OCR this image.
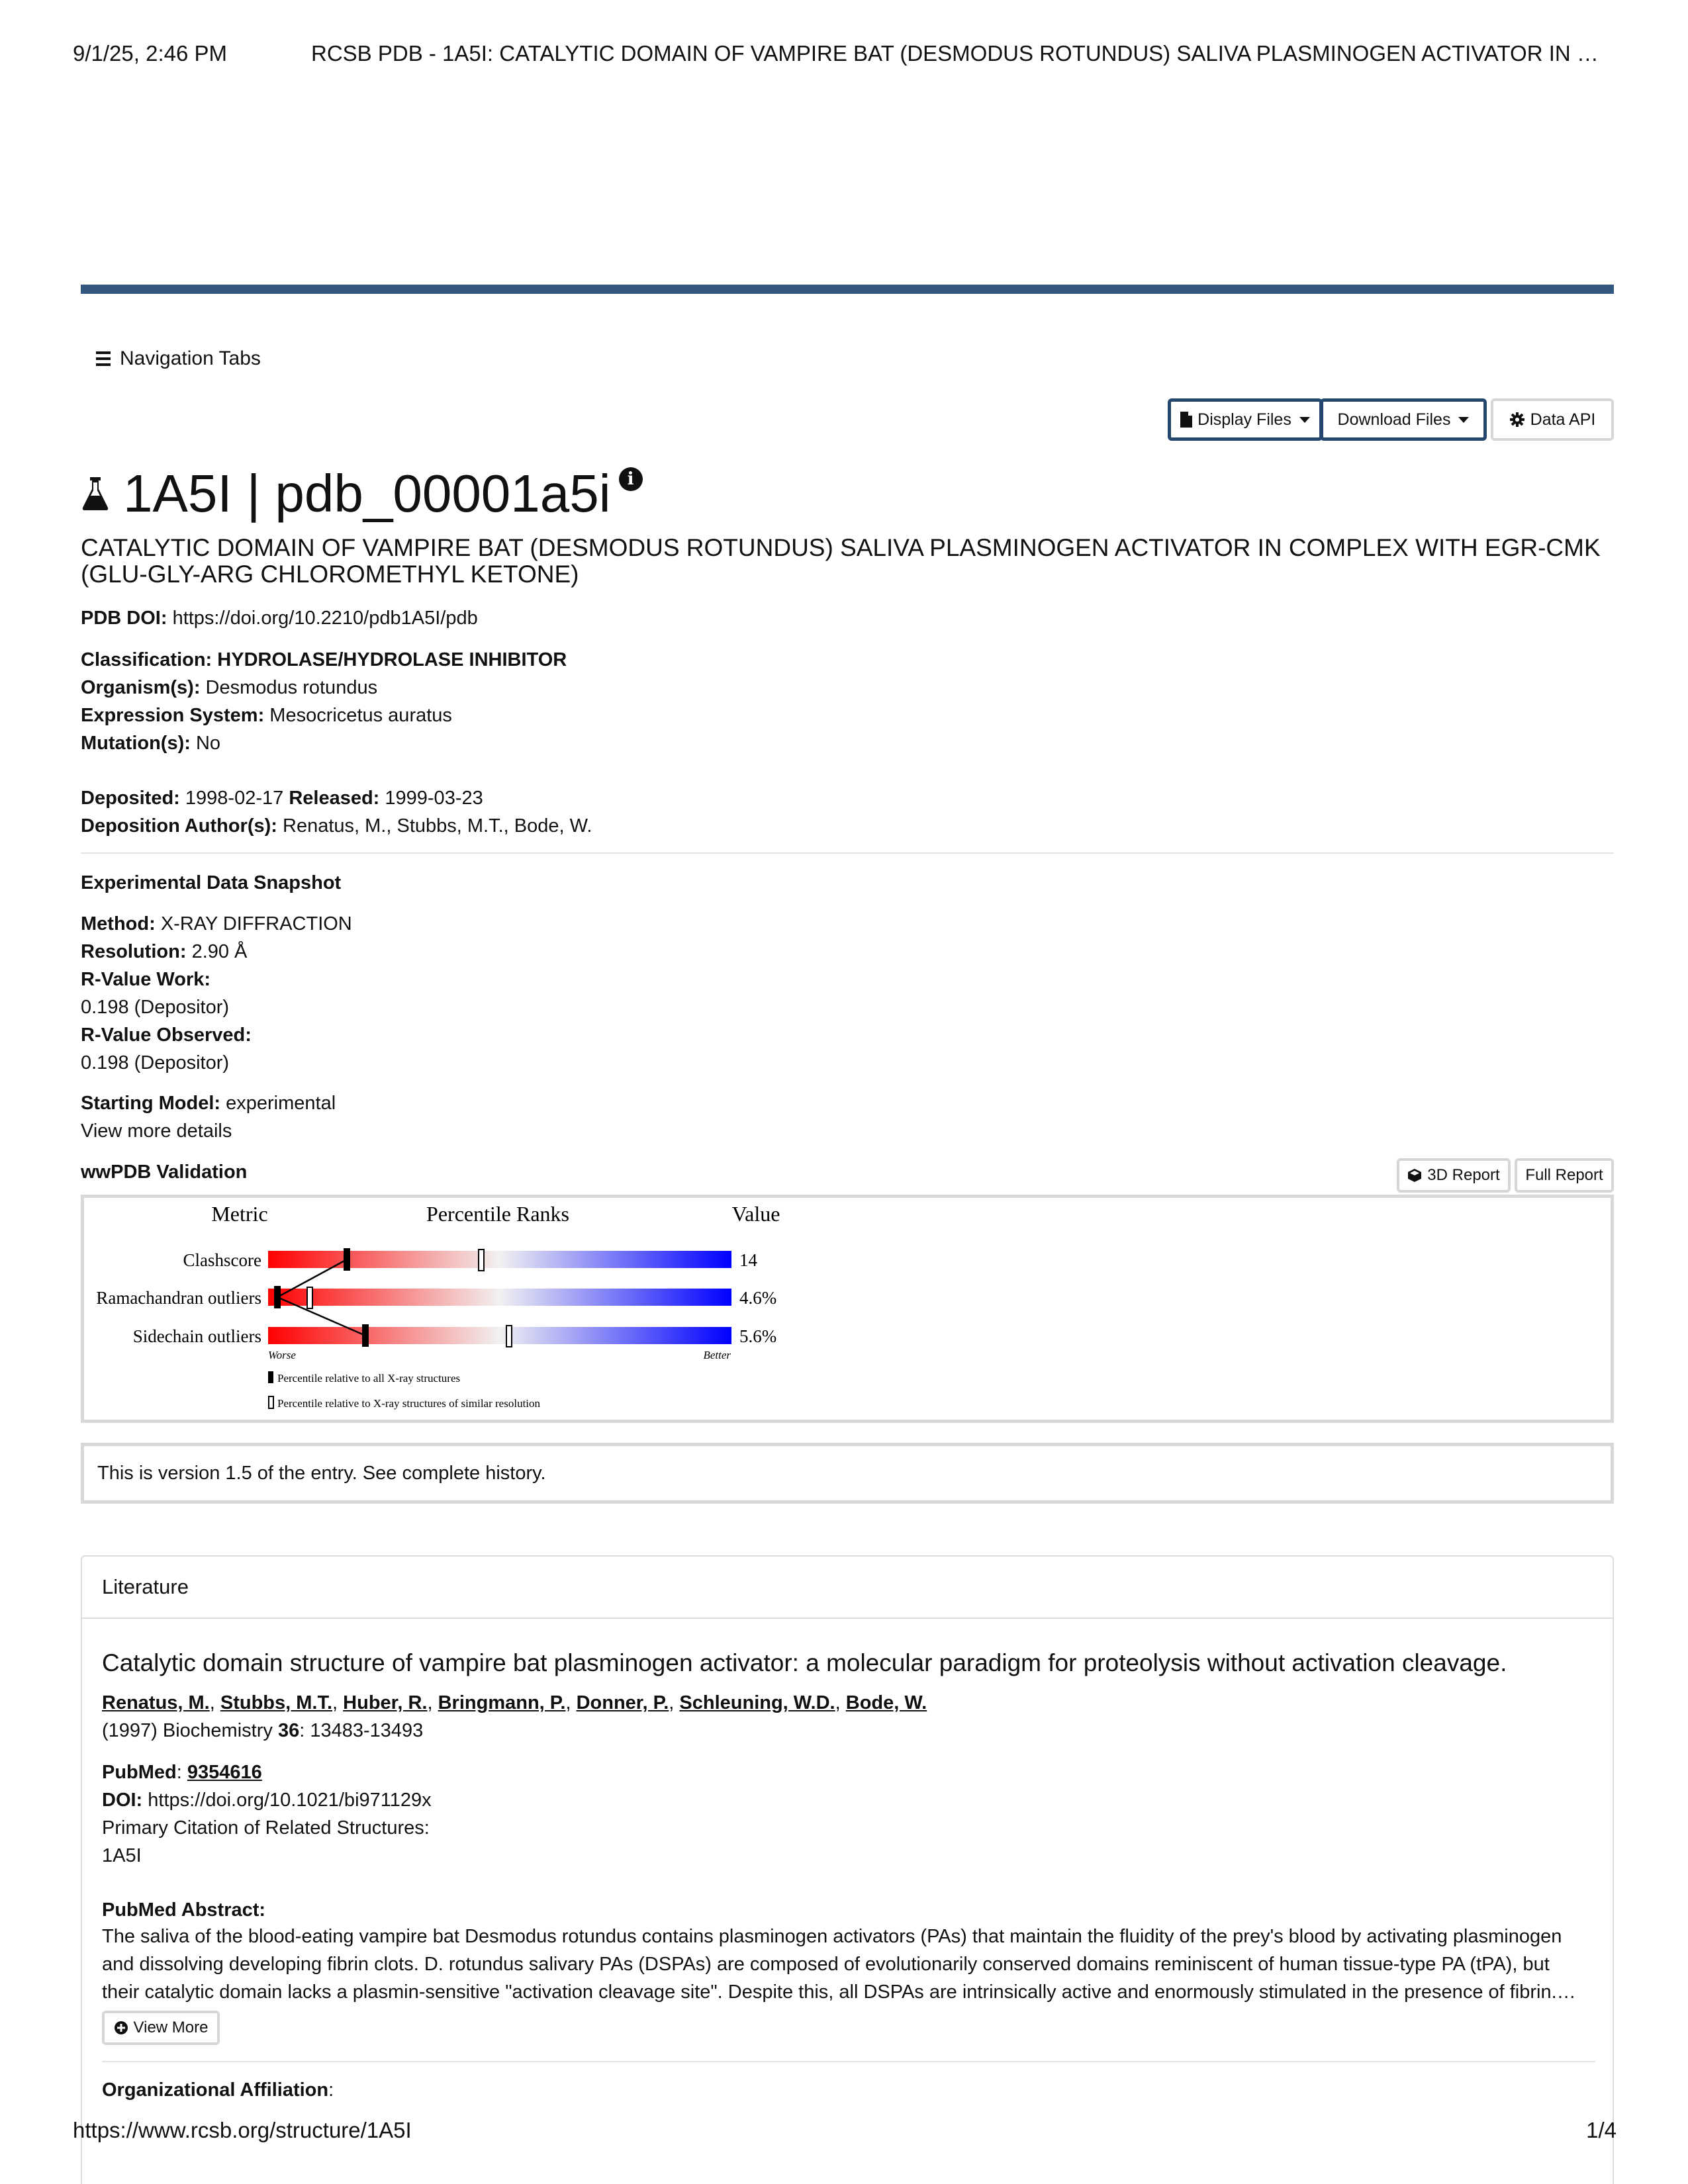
9/1/25, 2:46 PM	RCSB PDB - 1A5I: CATALYTIC DOMAIN OF VAMPIRE BAT (DESMODUS ROTUNDUS) SALIVA PLASMINOGEN ACTIVATOR IN …
Navigation Tabs
Display Files	Download Files	Data API
1A5I | pdb_00001a5i i
CATALYTIC DOMAIN OF VAMPIRE BAT (DESMODUS ROTUNDUS) SALIVA PLASMINOGEN ACTIVATOR IN COMPLEX WITH EGR-CMK (GLU-GLY-ARG CHLOROMETHYL KETONE)
PDB DOI: https://doi.org/10.2210/pdb1A5I/pdb
Classification: HYDROLASE/HYDROLASE INHIBITOR
Organism(s): Desmodus rotundus
Expression System: Mesocricetus auratus
Mutation(s): No
Deposited: 1998-02-17 Released: 1999-03-23
Deposition Author(s): Renatus, M., Stubbs, M.T., Bode, W.
Experimental Data Snapshot
Method: X-RAY DIFFRACTION
Resolution: 2.90 Å
R-Value Work:
0.198 (Depositor)
R-Value Observed:
0.198 (Depositor)
Starting Model: experimental
View more details
wwPDB Validation	3D Report Full Report
Metric	Percentile Ranks	Value
Clashscore	14
Ramachandran outliers	4.6%
Sidechain outliers	5.6%
Worse	Better
Percentile relative to all X-ray structures
Percentile relative to X-ray structures of similar resolution
This is version 1.5 of the entry. See complete history.
Literature
Catalytic domain structure of vampire bat plasminogen activator: a molecular paradigm for proteolysis without activation cleavage.
Renatus, M., Stubbs, M.T., Huber, R., Bringmann, P., Donner, P., Schleuning, W.D., Bode, W.
(1997) Biochemistry 36: 13483-13493
PubMed: 9354616
DOI: https://doi.org/10.1021/bi971129x
Primary Citation of Related Structures:
1A5I
PubMed Abstract:
The saliva of the blood-eating vampire bat Desmodus rotundus contains plasminogen activators (PAs) that maintain the fluidity of the prey's blood by activating plasminogen
and dissolving developing fibrin clots. D. rotundus salivary PAs (DSPAs) are composed of evolutionarily conserved domains reminiscent of human tissue-type PA (tPA), but
their catalytic domain lacks a plasmin-sensitive "activation cleavage site". Despite this, all DSPAs are intrinsically active and enormously stimulated in the presence of fibrin.…
View More
Organizational Affiliation:
https://www.rcsb.org/structure/1A5I	1/4
